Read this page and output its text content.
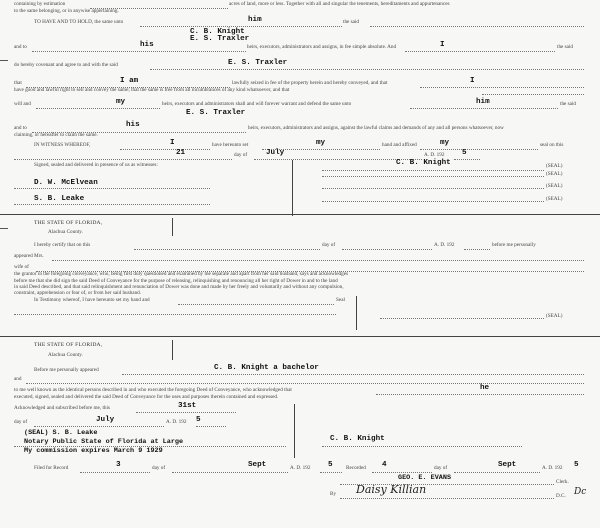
containing by estimation	acres of land, more or less. Together with all and singular the tenements, hereditaments and appurtenances
to the same belonging, or in anywise appertaining.
TO HAVE AND TO HOLD, the same unto	him	the said
C. B. Knight
and to
E. S. Traxler
his	heirs, executors, administrators and assigns, in fee simple absolute. And	I	the said
do hereby covenant and agree to and with the said	E. S. Traxler
that	I am	lawfully seized in fee of the property herein and hereby conveyed, and that	I
have good and lawful right to sell and convey the same; that the same is free from all incumbrances of any kind whatsoever, and that
will and	my	heirs, executors and administrators shall and will forever warrant and defend the same unto	him	the said
E. S. Traxler
and to	his	heirs, executors, administrators and assigns, against the lawful claims and demands of any and all persons whatsoever, now
claiming, or hereafter to claim the same.
IN WITNESS WHEREOF,	I	have hereunto set	my	hand and affixed	my	seal on this
21	day of July	A. D. 192 5
Signed, sealed and delivered in presence of us as witnesses:	C. B. Knight	(SEAL)
D. W. McElvean
(SEAL)
(SEAL)
S. B. Leake	(SEAL)
THE STATE OF FLORIDA,
Alachua County.
I hereby certify that on this	day of	A. D. 192	before me personally
appeared Mrs.
wife of
the grantor in the foregoing conveyance, who, being first duly questioned and examined by me separate and apart from her said husband, says and acknowledges
before me that she did sign the said Deed of Conveyance for the purpose of releasing, relinquishing and renouncing all her right of Dower in and to the land
in said Deed described, and that said relinquishment and renunciation of Dower was done and made by her freely and voluntarily and without any compulsion,
constraint, apprehension or fear of, or from her said husband.
In Testimony whereof, I have hereunto set my hand and	Seal
(SEAL)
THE STATE OF FLORIDA,
Alachua County.
Before me personally appeared	C. B. Knight a bachelor
and
to me well known as the identical persons described in and who executed the foregoing Deed of Conveyance, who acknowledged that	he
executed, signed, sealed and delivered the said Deed of Conveyance for the uses and purposes therein contained and expressed.
Acknowledged and subscribed before me, this	31st
day of	July	A. D. 192 5
(SEAL) S. B. Leake
Notary Public State of Florida at Large
My commission expires March 9 1929
C. B. Knight
Filed for Record	3	day of	Sept	A. D. 192 5	Recorded 4	day of	Sept	A. D. 192 5
GEO. E. EVANS	Clerk.
By Daisy Killian	D.C. Dc
